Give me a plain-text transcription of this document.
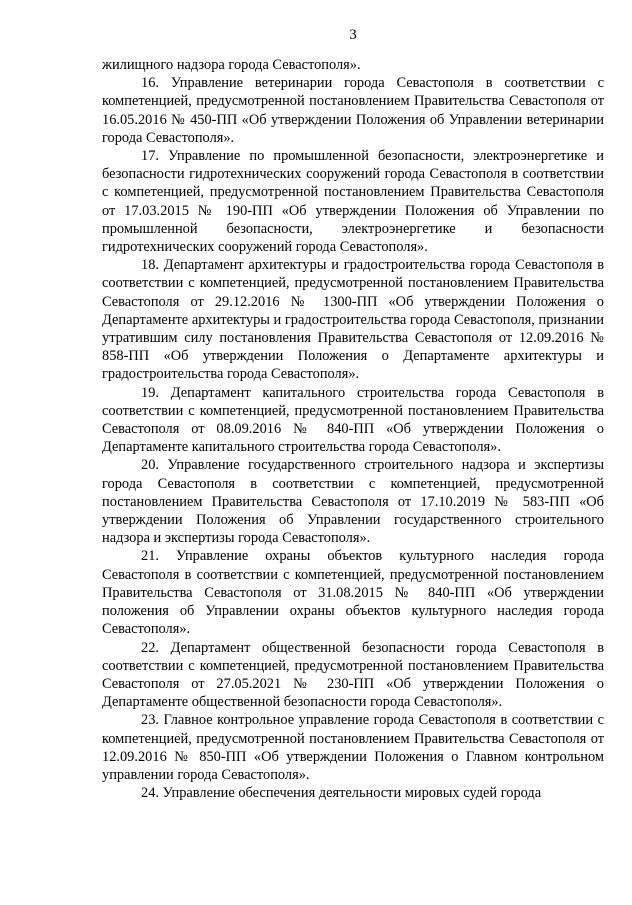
3

жилищного надзора города Севастополя».

16. Управление ветеринарии города Севастополя в соответствии с компетенцией, предусмотренной постановлением Правительства Севастополя от 16.05.2016 № 450-ПП «Об утверждении Положения об Управлении ветеринарии города Севастополя».

17. Управление по промышленной безопасности, электроэнергетике и безопасности гидротехнических сооружений города Севастополя в соответствии с компетенцией, предусмотренной постановлением Правительства Севастополя от 17.03.2015 № 190-ПП «Об утверждении Положения об Управлении по промышленной безопасности, электроэнергетике и безопасности гидротехнических сооружений города Севастополя».

18. Департамент архитектуры и градостроительства города Севастополя в соответствии с компетенцией, предусмотренной постановлением Правительства Севастополя от 29.12.2016 № 1300-ПП «Об утверждении Положения о Департаменте архитектуры и градостроительства города Севастополя, признании утратившим силу постановления Правительства Севастополя от 12.09.2016 № 858-ПП «Об утверждении Положения о Департаменте архитектуры и градостроительства города Севастополя».

19. Департамент капитального строительства города Севастополя в соответствии с компетенцией, предусмотренной постановлением Правительства Севастополя от 08.09.2016 № 840-ПП «Об утверждении Положения о Департаменте капитального строительства города Севастополя».

20. Управление государственного строительного надзора и экспертизы города Севастополя в соответствии с компетенцией, предусмотренной постановлением Правительства Севастополя от 17.10.2019 № 583-ПП «Об утверждении Положения об Управлении государственного строительного надзора и экспертизы города Севастополя».

21. Управление охраны объектов культурного наследия города Севастополя в соответствии с компетенцией, предусмотренной постановлением Правительства Севастополя от 31.08.2015 № 840-ПП «Об утверждении положения об Управлении охраны объектов культурного наследия города Севастополя».

22. Департамент общественной безопасности города Севастополя в соответствии с компетенцией, предусмотренной постановлением Правительства Севастополя от 27.05.2021 № 230-ПП «Об утверждении Положения о Департаменте общественной безопасности города Севастополя».

23. Главное контрольное управление города Севастополя в соответствии с компетенцией, предусмотренной постановлением Правительства Севастополя от 12.09.2016 № 850-ПП «Об утверждении Положения о Главном контрольном управлении города Севастополя».

24. Управление обеспечения деятельности мировых судей города
